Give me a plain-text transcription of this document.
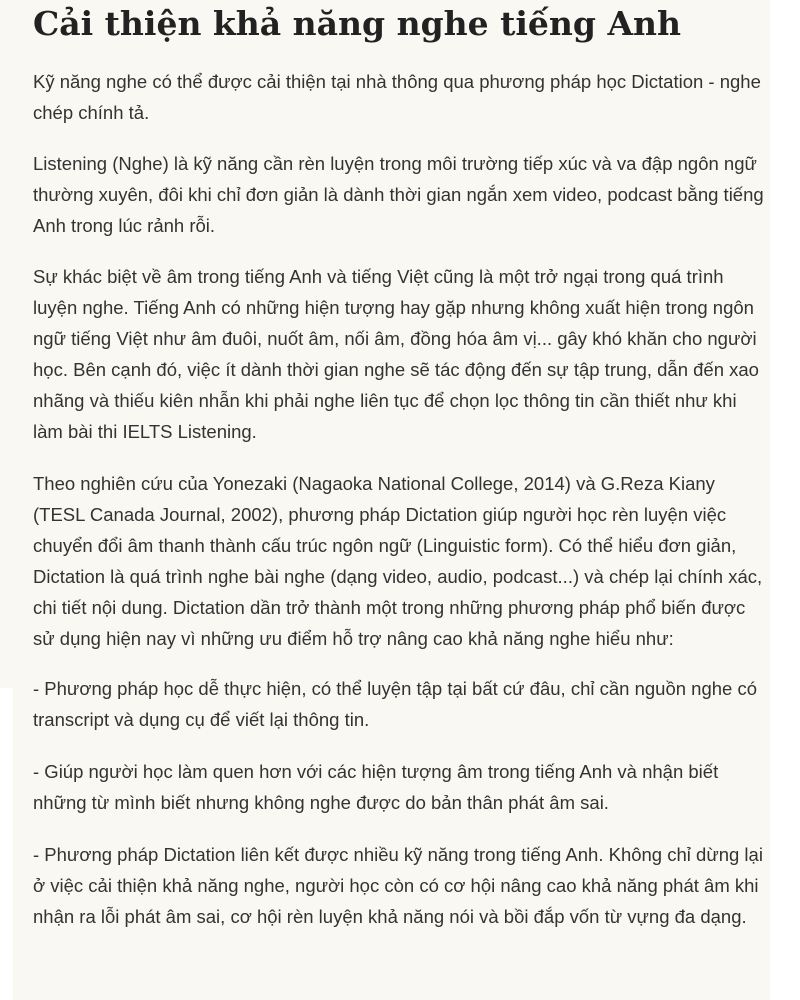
Cải thiện khả năng nghe tiếng Anh

Kỹ năng nghe có thể được cải thiện tại nhà thông qua phương pháp học Dictation - nghe chép chính tả.

Listening (Nghe) là kỹ năng cần rèn luyện trong môi trường tiếp xúc và va đập ngôn ngữ thường xuyên, đôi khi chỉ đơn giản là dành thời gian ngắn xem video, podcast bằng tiếng Anh trong lúc rảnh rỗi.

Sự khác biệt về âm trong tiếng Anh và tiếng Việt cũng là một trở ngại trong quá trình luyện nghe. Tiếng Anh có những hiện tượng hay gặp nhưng không xuất hiện trong ngôn ngữ tiếng Việt như âm đuôi, nuốt âm, nối âm, đồng hóa âm vị... gây khó khăn cho người học. Bên cạnh đó, việc ít dành thời gian nghe sẽ tác động đến sự tập trung, dẫn đến xao nhãng và thiếu kiên nhẫn khi phải nghe liên tục để chọn lọc thông tin cần thiết như khi làm bài thi IELTS Listening.

Theo nghiên cứu của Yonezaki (Nagaoka National College, 2014) và G.Reza Kiany (TESL Canada Journal, 2002), phương pháp Dictation giúp người học rèn luyện việc chuyển đổi âm thanh thành cấu trúc ngôn ngữ (Linguistic form). Có thể hiểu đơn giản, Dictation là quá trình nghe bài nghe (dạng video, audio, podcast...) và chép lại chính xác, chi tiết nội dung. Dictation dần trở thành một trong những phương pháp phổ biến được sử dụng hiện nay vì những ưu điểm hỗ trợ nâng cao khả năng nghe hiểu như:

- Phương pháp học dễ thực hiện, có thể luyện tập tại bất cứ đâu, chỉ cần nguồn nghe có transcript và dụng cụ để viết lại thông tin.

- Giúp người học làm quen hơn với các hiện tượng âm trong tiếng Anh và nhận biết những từ mình biết nhưng không nghe được do bản thân phát âm sai.

- Phương pháp Dictation liên kết được nhiều kỹ năng trong tiếng Anh. Không chỉ dừng lại ở việc cải thiện khả năng nghe, người học còn có cơ hội nâng cao khả năng phát âm khi nhận ra lỗi phát âm sai, cơ hội rèn luyện khả năng nói và bồi đắp vốn từ vựng đa dạng.
